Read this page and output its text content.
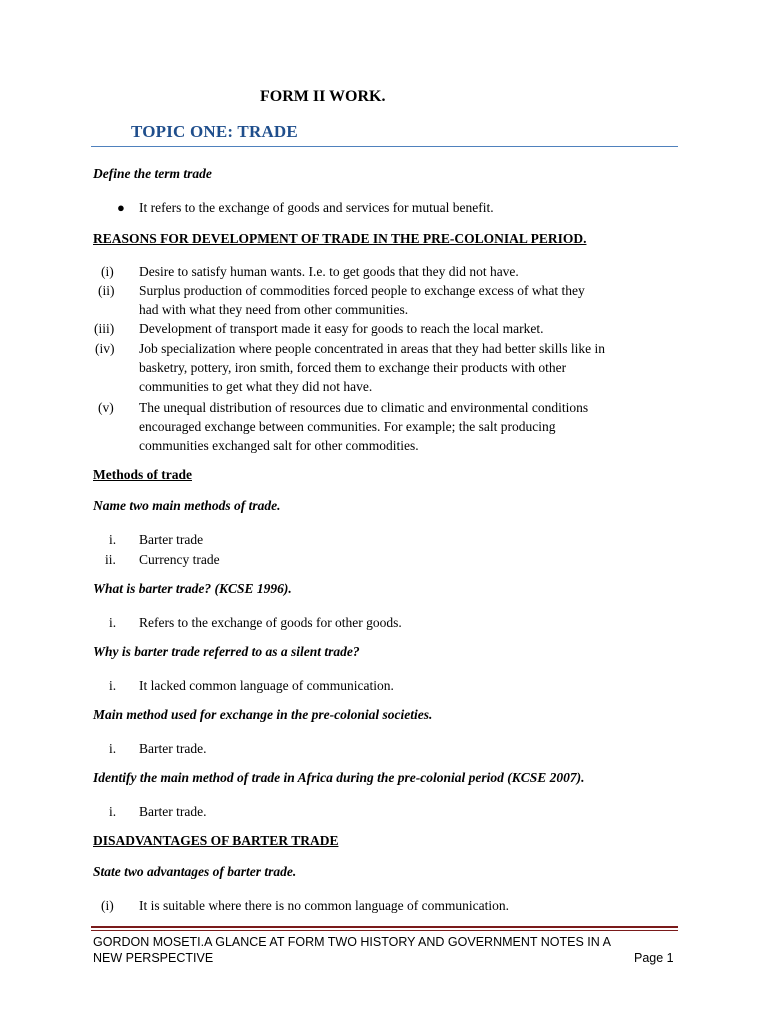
FORM II WORK.
TOPIC ONE: TRADE
Define the term trade
● It refers to the exchange of goods and services for mutual benefit.
REASONS FOR DEVELOPMENT OF TRADE IN THE PRE-COLONIAL PERIOD.
(i) Desire to satisfy human wants. I.e. to get goods that they did not have.
(ii) Surplus production of commodities forced people to exchange excess of what they
had with what they need from other communities.
(iii) Development of transport made it easy for goods to reach the local market.
(iv) Job specialization where people concentrated in areas that they had better skills like in
basketry, pottery, iron smith, forced them to exchange their products with other
communities to get what they did not have.
(v) The unequal distribution of resources due to climatic and environmental conditions
encouraged exchange between communities. For example; the salt producing
communities exchanged salt for other commodities.
Methods of trade
Name two main methods of trade.
i. Barter trade
ii. Currency trade
What is barter trade? (KCSE 1996).
i. Refers to the exchange of goods for other goods.
Why is barter trade referred to as a silent trade?
i. It lacked common language of communication.
Main method used for exchange in the pre-colonial societies.
i. Barter trade.
Identify the main method of trade in Africa during the pre-colonial period (KCSE 2007).
i. Barter trade.
DISADVANTAGES OF BARTER TRADE
State two advantages of barter trade.
(i) It is suitable where there is no common language of communication.
GORDON MOSETI.A GLANCE AT FORM TWO HISTORY AND GOVERNMENT NOTES IN A
NEW PERSPECTIVE	Page 1
